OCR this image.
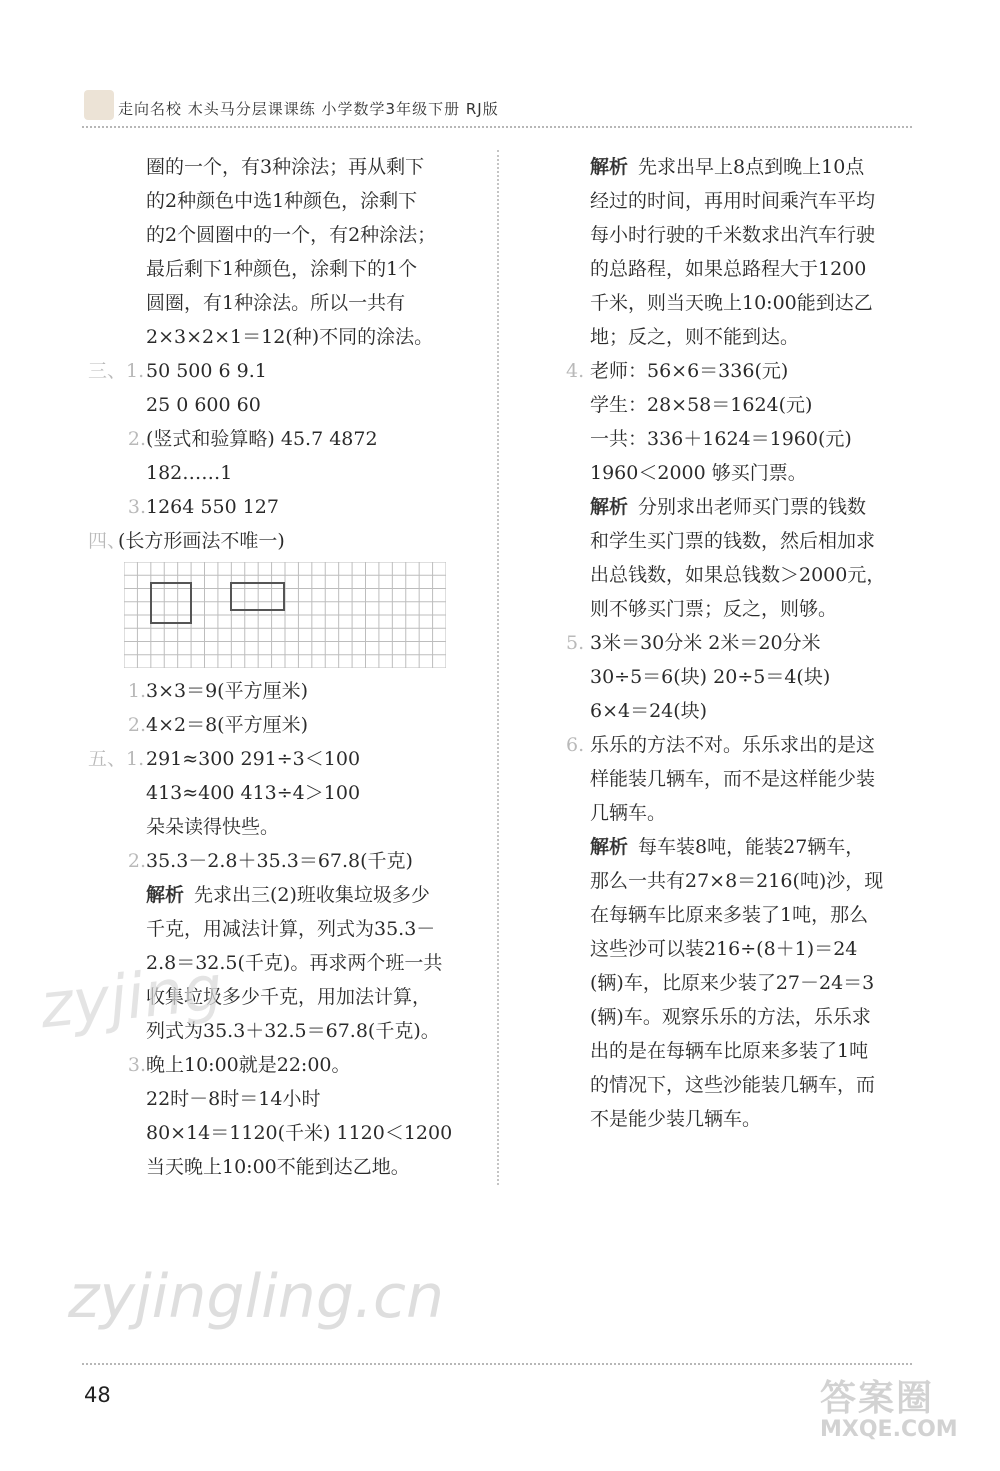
走向名校 木头马分层课课练 小学数学3年级下册 RJ版
圈的一个，有3种涂法；再从剩下
的2种颜色中选1种颜色，涂剩下
的2个圆圈中的一个，有2种涂法；
最后剩下1种颜色，涂剩下的1个
圆圈，有1种涂法。所以一共有
2×3×2×1＝12(种)不同的涂法。
三、1.50 500 6 9.1
25 0 600 60
2.(竖式和验算略) 45.7 4872
182……1
3.1264 550 127
四、(长方形画法不唯一)
1.3×3＝9(平方厘米)
2.4×2＝8(平方厘米)
五、1.291≈300 291÷3＜100
413≈400 413÷4＞100
朵朵读得快些。
2.35.3－2.8＋35.3＝67.8(千克)
解析 先求出三(2)班收集垃圾多少
千克，用减法计算，列式为35.3－
2.8＝32.5(千克)。再求两个班一共
收集垃圾多少千克，用加法计算，
列式为35.3＋32.5＝67.8(千克)。
3.晚上10:00就是22:00。
22时－8时＝14小时
80×14＝1120(千米) 1120＜1200
当天晚上10:00不能到达乙地。
解析 先求出早上8点到晚上10点
经过的时间，再用时间乘汽车平均
每小时行驶的千米数求出汽车行驶
的总路程，如果总路程大于1200
千米，则当天晚上10:00能到达乙
地；反之，则不能到达。
4. 老师：56×6＝336(元)
学生：28×58＝1624(元)
一共：336＋1624＝1960(元)
1960＜2000 够买门票。
解析 分别求出老师买门票的钱数
和学生买门票的钱数，然后相加求
出总钱数，如果总钱数＞2000元，
则不够买门票；反之，则够。
5. 3米＝30分米 2米＝20分米
30÷5＝6(块) 20÷5＝4(块)
6×4＝24(块)
6. 乐乐的方法不对。乐乐求出的是这
样能装几辆车，而不是这样能少装
几辆车。
解析 每车装8吨，能装27辆车，
那么一共有27×8＝216(吨)沙，现
在每辆车比原来多装了1吨，那么
这些沙可以装216÷(8＋1)＝24
(辆)车，比原来少装了27－24＝3
(辆)车。观察乐乐的方法，乐乐求
出的是在每辆车比原来多装了1吨
的情况下，这些沙能装几辆车，而
不是能少装几辆车。
zyjing
zyjingling.cn
48	答案圈
MXQE.COM
